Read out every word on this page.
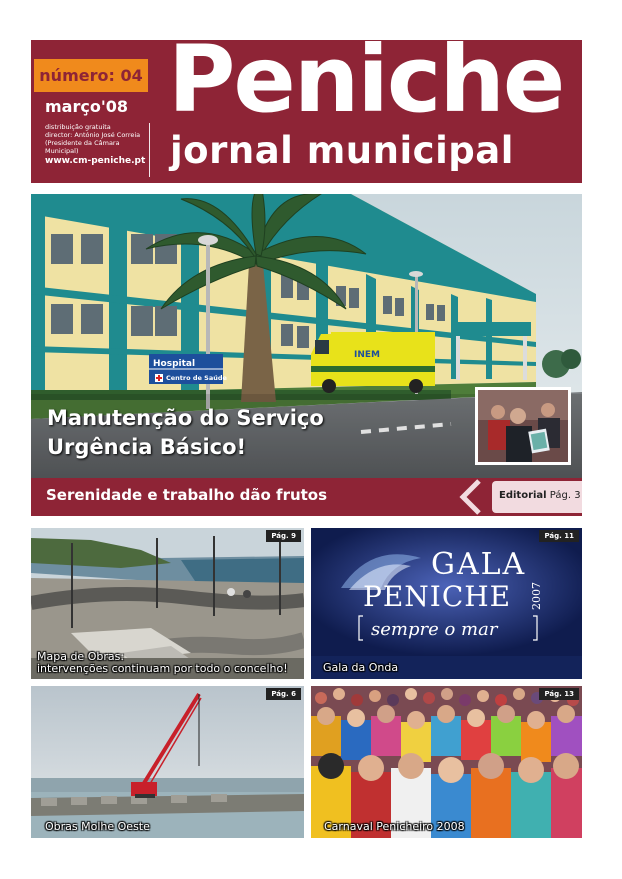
número: 04
março'08
distribuição gratuita
director: António José Correia
(Presidente da Câmara Municipal)
www.cm-peniche.pt
Peniche
jornal municipal
Hospital
Centro de Saúde
INEM
Manutenção do Serviço
Urgência Básico!
Serenidade e trabalho dão frutos	Editorial Pág. 3
Pág. 9
Mapa de Obras:
intervenções continuam por todo o concelho!
GALA
PENICHE 2007
sempre o mar
Pág. 11
Gala da Onda
Pág. 6
Obras Molhe Oeste
Pág. 13
Carnaval Penicheiro 2008
